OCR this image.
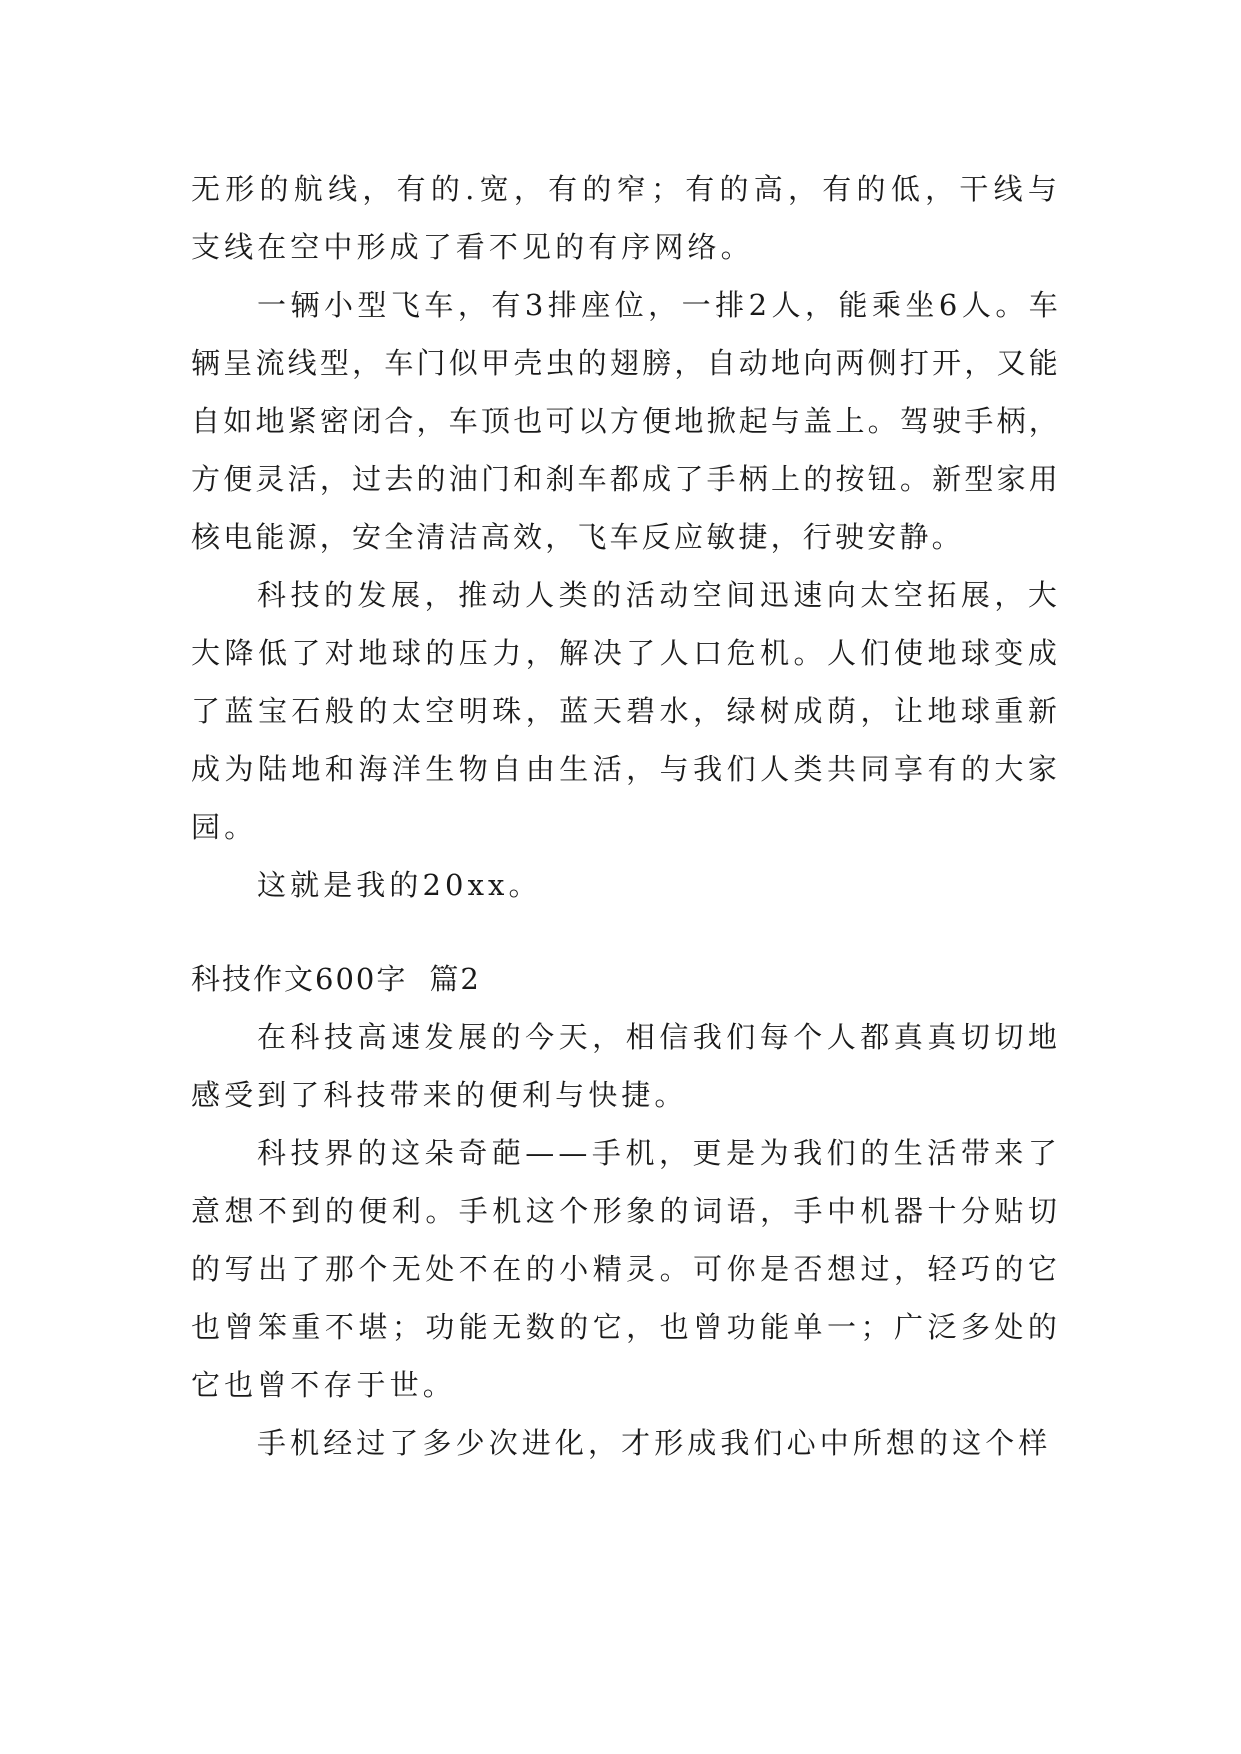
无形的航线，有的.宽，有的窄；有的高，有的低，干线与支线在空中形成了看不见的有序网络。

一辆小型飞车，有3排座位，一排2人，能乘坐6人。车辆呈流线型，车门似甲壳虫的翅膀，自动地向两侧打开，又能自如地紧密闭合，车顶也可以方便地掀起与盖上。驾驶手柄，方便灵活，过去的油门和刹车都成了手柄上的按钮。新型家用核电能源，安全清洁高效，飞车反应敏捷，行驶安静。

科技的发展，推动人类的活动空间迅速向太空拓展，大大降低了对地球的压力，解决了人口危机。人们使地球变成了蓝宝石般的太空明珠，蓝天碧水，绿树成荫，让地球重新成为陆地和海洋生物自由生活，与我们人类共同享有的大家园。

这就是我的20xx。

科技作文600字 篇2

在科技高速发展的今天，相信我们每个人都真真切切地感受到了科技带来的便利与快捷。

科技界的这朵奇葩——手机，更是为我们的生活带来了意想不到的便利。手机这个形象的词语，手中机器十分贴切的写出了那个无处不在的小精灵。可你是否想过，轻巧的它也曾笨重不堪；功能无数的它，也曾功能单一；广泛多处的它也曾不存于世。

手机经过了多少次进化，才形成我们心中所想的这个样
